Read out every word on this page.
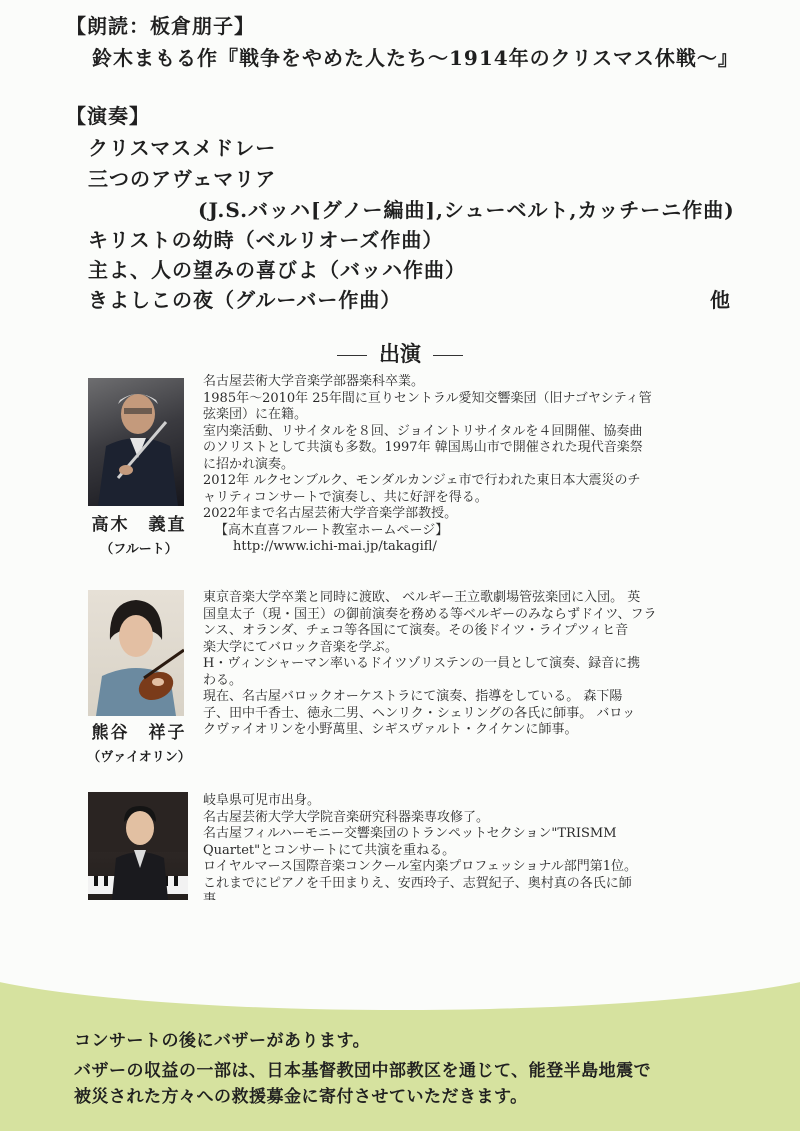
【朗読：板倉朋子】
鈴木まもる作『戦争をやめた人たち～1914年のクリスマス休戦～』
【演奏】
クリスマスメドレー
三つのアヴェマリア
(J.S.バッハ[グノー編曲],シューベルト,カッチーニ作曲)
キリストの幼時（ベルリオーズ作曲）
主よ、人の望みの喜びよ（バッハ作曲）
きよしこの夜（グルーバー作曲）	他
出演
高木　義直
（フルート）
名古屋芸術大学音楽学部器楽科卒業。
1985年～2010年 25年間に亘りセントラル愛知交響楽団（旧ナゴヤシティ管
弦楽団）に在籍。
室内楽活動、リサイタルを８回、ジョイントリサイタルを４回開催、協奏曲
のソリストとして共演も多数。1997年 韓国馬山市で開催された現代音楽祭
に招かれ演奏。
2012年 ルクセンブルク、モンダルカンジェ市で行われた東日本大震災のチ
ャリティコンサートで演奏し、共に好評を得る。
2022年まで名古屋芸術大学音楽学部教授。
【高木直喜フルート教室ホームページ】
http://www.ichi-mai.jp/takagifl/
熊谷　祥子
（ヴァイオリン）
東京音楽大学卒業と同時に渡欧、 ベルギー王立歌劇場管弦楽団に入団。 英
国皇太子（現・国王）の御前演奏を務める等ベルギーのみならずドイツ、フラ
ンス、オランダ、チェコ等各国にて演奏。その後ドイツ・ライプツィヒ音
楽大学にてバロック音楽を学ぶ。
H・ヴィンシャーマン率いるドイツゾリステンの一員として演奏、録音に携
わる。
現在、名古屋バロックオーケストラにて演奏、指導をしている。 森下陽
子、田中千香士、徳永二男、ヘンリク・シェリングの各氏に師事。 バロッ
クヴァイオリンを小野萬里、シギスヴァルト・クイケンに師事。
岐阜県可児市出身。
名古屋芸術大学大学院音楽研究科器楽専攻修了。
名古屋フィルハーモニー交響楽団のトランペットセクション"TRISMM
Quartet"とコンサートにて共演を重ねる。
ロイヤルマース国際音楽コンクール室内楽プロフェッショナル部門第1位。
これまでにピアノを千田まりえ、安西玲子、志賀紀子、奥村真の各氏に師
コンサートの後にバザーがあります。
バザーの収益の一部は、日本基督教団中部教区を通じて、能登半島地震で
被災された方々への救援募金に寄付させていただきます。
